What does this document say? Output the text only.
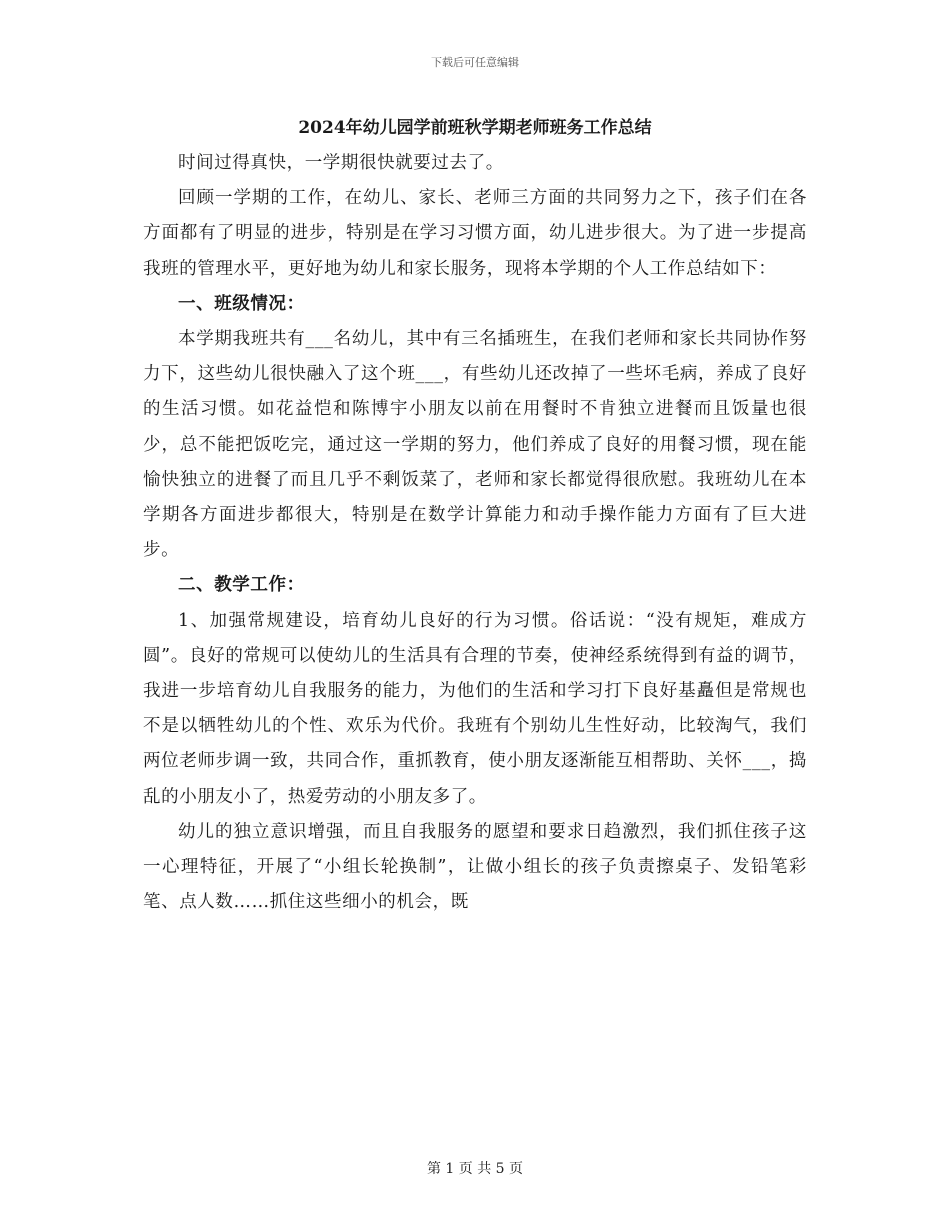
下载后可任意编辑
2024年幼儿园学前班秋学期老师班务工作总结

时间过得真快，一学期很快就要过去了。

回顾一学期的工作，在幼儿、家长、老师三方面的共同努力之下，孩子们在各方面都有了明显的进步，特别是在学习习惯方面，幼儿进步很大。为了进一步提高我班的管理水平，更好地为幼儿和家长服务，现将本学期的个人工作总结如下：

一、班级情况：

本学期我班共有___名幼儿，其中有三名插班生，在我们老师和家长共同协作努力下，这些幼儿很快融入了这个班___，有些幼儿还改掉了一些坏毛病，养成了良好的生活习惯。如花益恺和陈博宇小朋友以前在用餐时不肯独立进餐而且饭量也很少，总不能把饭吃完，通过这一学期的努力，他们养成了良好的用餐习惯，现在能愉快独立的进餐了而且几乎不剩饭菜了，老师和家长都觉得很欣慰。我班幼儿在本学期各方面进步都很大，特别是在数学计算能力和动手操作能力方面有了巨大进步。

二、教学工作：

1、加强常规建设，培育幼儿良好的行为习惯。俗话说：“没有规矩，难成方圆”。良好的常规可以使幼儿的生活具有合理的节奏，使神经系统得到有益的调节，我进一步培育幼儿自我服务的能力，为他们的生活和学习打下良好基矗但是常规也不是以牺牲幼儿的个性、欢乐为代价。我班有个别幼儿生性好动，比较淘气，我们两位老师步调一致，共同合作，重抓教育，使小朋友逐渐能互相帮助、关怀___，捣乱的小朋友小了，热爱劳动的小朋友多了。

幼儿的独立意识增强，而且自我服务的愿望和要求日趋激烈，我们抓住孩子这一心理特征，开展了“小组长轮换制”，让做小组长的孩子负责擦桌子、发铅笔彩笔、点人数……抓住这些细小的机会，既

第 1 页 共 5 页
